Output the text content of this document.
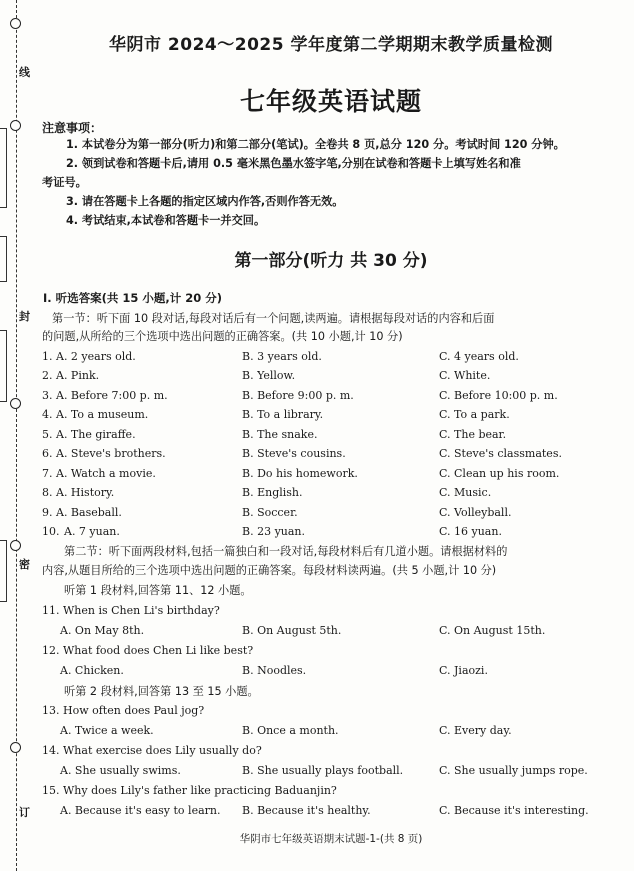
线
封
密
订
华阴市 2024～2025 学年度第二学期期末教学质量检测
七年级英语试题
注意事项：
1. 本试卷分为第一部分(听力)和第二部分(笔试)。全卷共 8 页,总分 120 分。考试时间 120 分钟。
2. 领到试卷和答题卡后,请用 0.5 毫米黑色墨水签字笔,分别在试卷和答题卡上填写姓名和准
考证号。
3. 请在答题卡上各题的指定区域内作答,否则作答无效。
4. 考试结束,本试卷和答题卡一并交回。
第一部分(听力 共 30 分)
Ⅰ. 听选答案(共 15 小题,计 20 分)
第一节：听下面 10 段对话,每段对话后有一个问题,读两遍。请根据每段对话的内容和后面
的问题,从所给的三个选项中选出问题的正确答案。(共 10 小题,计 10 分)
1. A. 2 years old.	B. 3 years old.	C. 4 years old.
2. A. Pink.	B. Yellow.	C. White.
3. A. Before 7:00 p. m.	B. Before 9:00 p. m.	C. Before 10:00 p. m.
4. A. To a museum.	B. To a library.	C. To a park.
5. A. The giraffe.	B. The snake.	C. The bear.
6. A. Steve's brothers.	B. Steve's cousins.	C. Steve's classmates.
7. A. Watch a movie.	B. Do his homework.	C. Clean up his room.
8. A. History.	B. English.	C. Music.
9. A. Baseball.	B. Soccer.	C. Volleyball.
10. A. 7 yuan.	B. 23 yuan.	C. 16 yuan.
第二节：听下面两段材料,包括一篇独白和一段对话,每段材料后有几道小题。请根据材料的
内容,从题目所给的三个选项中选出问题的正确答案。每段材料读两遍。(共 5 小题,计 10 分)
听第 1 段材料,回答第 11、12 小题。
11. When is Chen Li's birthday?
A. On May 8th.	B. On August 5th.	C. On August 15th.
12. What food does Chen Li like best?
A. Chicken.	B. Noodles.	C. Jiaozi.
13. How often does Paul jog?
A. Twice a week.	B. Once a month.	C. Every day.
14. What exercise does Lily usually do?
A. She usually swims.	B. She usually plays football.	C. She usually jumps rope.
15. Why does Lily's father like practicing Baduanjin?
A. Because it's easy to learn. B. Because it's healthy.	C. Because it's interesting.
听第 2 段材料,回答第 13 至 15 小题。
华阴市七年级英语期末试题-1-(共 8 页)
